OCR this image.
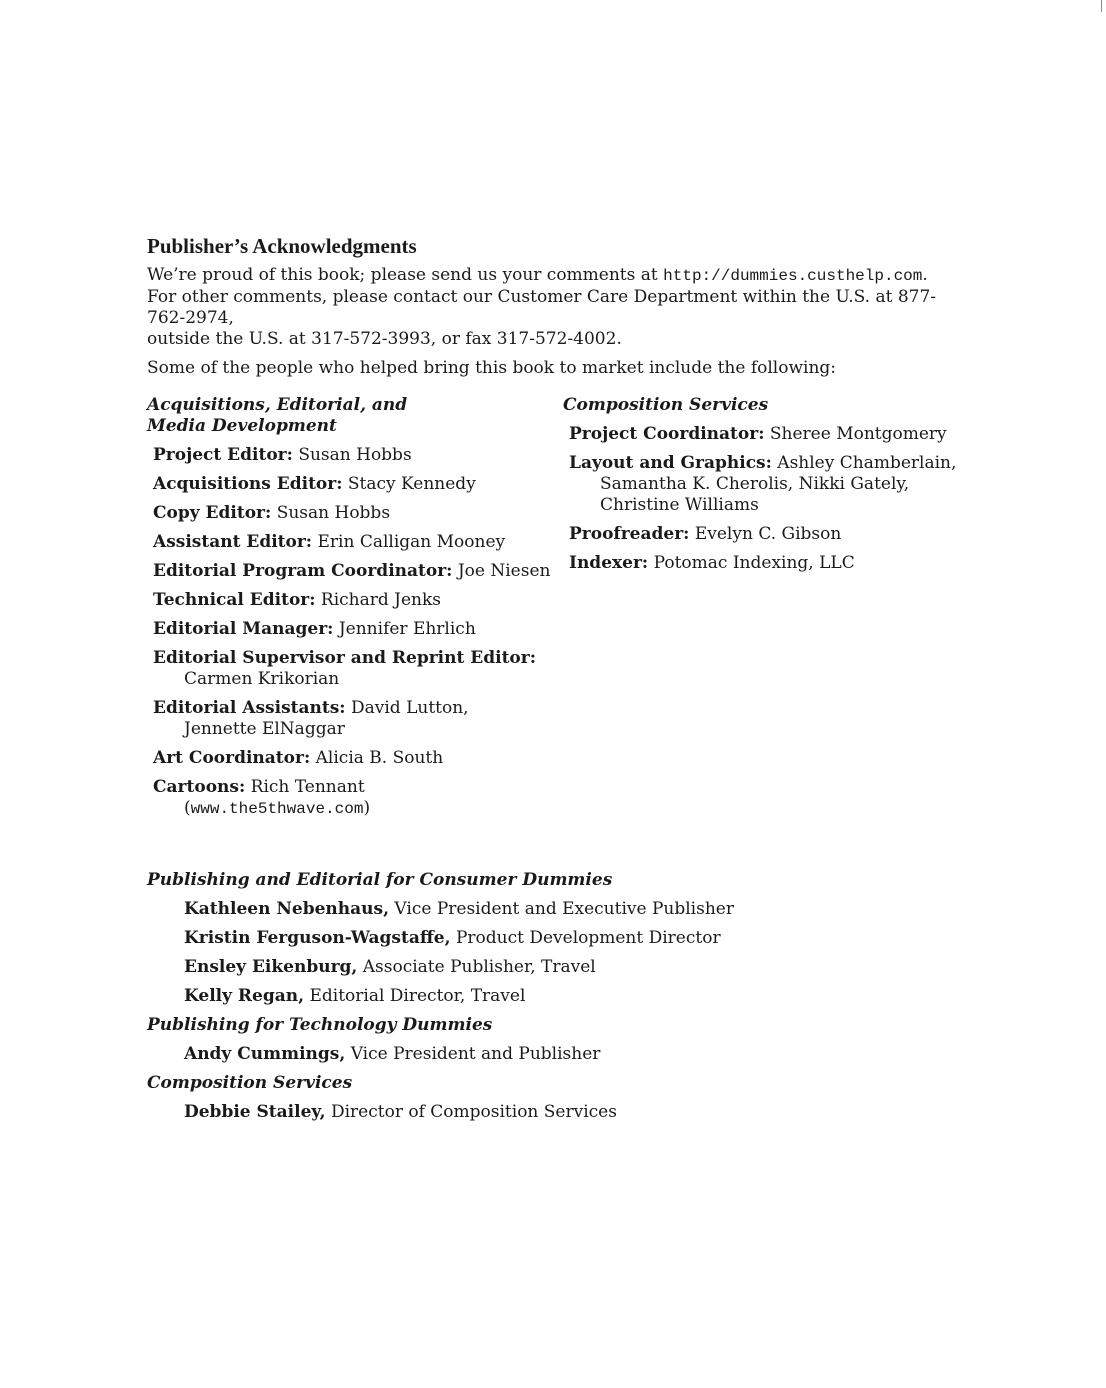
Publisher’s Acknowledgments

We’re proud of this book; please send us your comments at http://dummies.custhelp.com.
For other comments, please contact our Customer Care Department within the U.S. at 877-762-2974,
outside the U.S. at 317-572-3993, or fax 317-572-4002.

Some of the people who helped bring this book to market include the following:

Acquisitions, Editorial, and
Media Development

Project Editor: Susan Hobbs
Acquisitions Editor: Stacy Kennedy
Copy Editor: Susan Hobbs
Assistant Editor: Erin Calligan Mooney
Editorial Program Coordinator: Joe Niesen
Technical Editor: Richard Jenks
Editorial Manager: Jennifer Ehrlich
Editorial Supervisor and Reprint Editor:
Carmen Krikorian
Editorial Assistants: David Lutton,
Jennette ElNaggar
Art Coordinator: Alicia B. South
Cartoons: Rich Tennant
(www.the5thwave.com)

Composition Services

Project Coordinator: Sheree Montgomery
Layout and Graphics: Ashley Chamberlain,
Samantha K. Cherolis, Nikki Gately,
Christine Williams
Proofreader: Evelyn C. Gibson
Indexer: Potomac Indexing, LLC

Publishing and Editorial for Consumer Dummies

Kathleen Nebenhaus, Vice President and Executive Publisher
Kristin Ferguson-Wagstaffe, Product Development Director
Ensley Eikenburg, Associate Publisher, Travel
Kelly Regan, Editorial Director, Travel

Publishing for Technology Dummies

Andy Cummings, Vice President and Publisher

Composition Services

Debbie Stailey, Director of Composition Services
